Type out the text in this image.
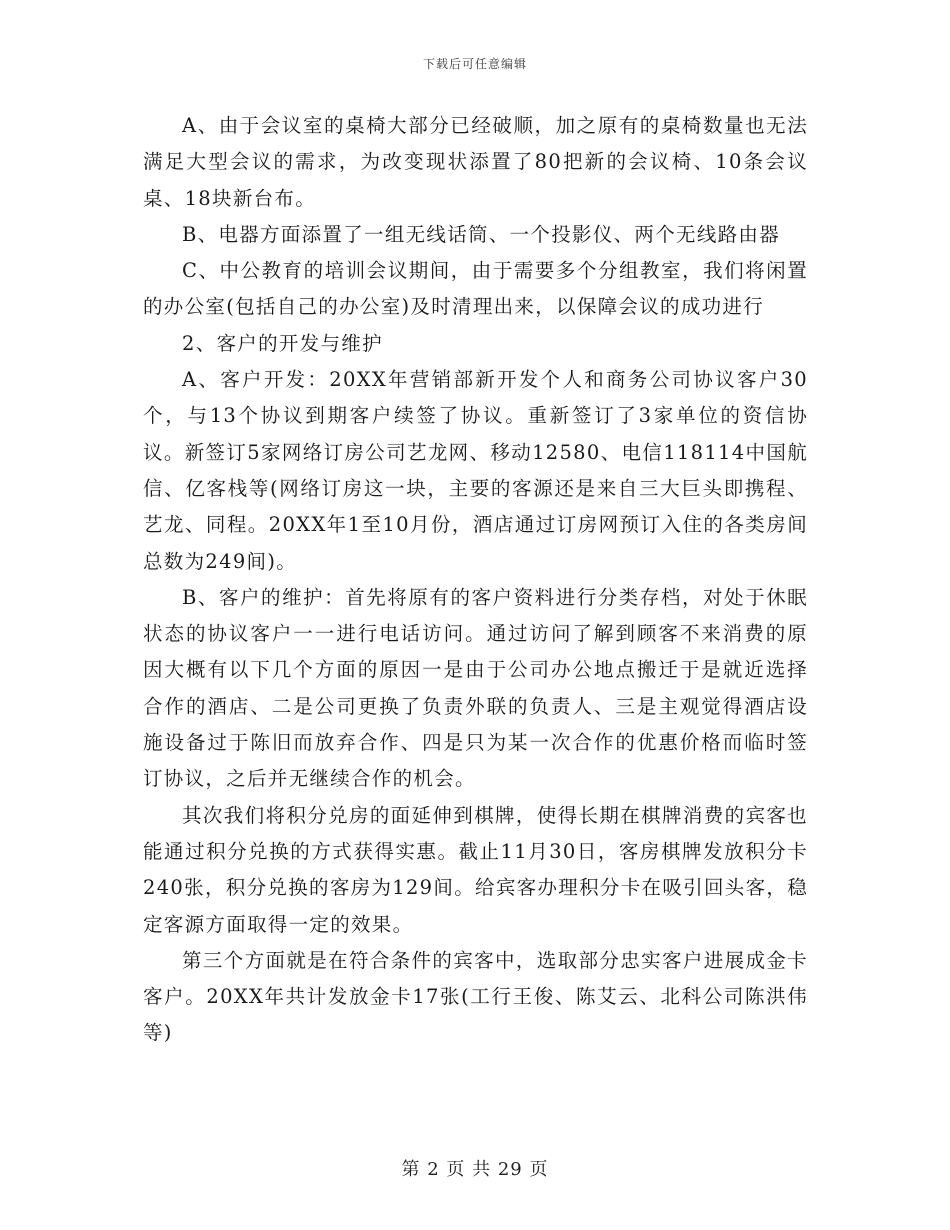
下载后可任意编辑

A、由于会议室的桌椅大部分已经破顺，加之原有的桌椅数量也无法满足大型会议的需求，为改变现状添置了80把新的会议椅、10条会议桌、18块新台布。

B、电器方面添置了一组无线话筒、一个投影仪、两个无线路由器

C、中公教育的培训会议期间，由于需要多个分组教室，我们将闲置的办公室(包括自己的办公室)及时清理出来，以保障会议的成功进行

2、客户的开发与维护

A、客户开发：20XX年营销部新开发个人和商务公司协议客户30个，与13个协议到期客户续签了协议。重新签订了3家单位的资信协议。新签订5家网络订房公司艺龙网、移动12580、电信118114中国航信、亿客栈等(网络订房这一块，主要的客源还是来自三大巨头即携程、艺龙、同程。20XX年1至10月份，酒店通过订房网预订入住的各类房间总数为249间)。

B、客户的维护：首先将原有的客户资料进行分类存档，对处于休眠状态的协议客户一一进行电话访问。通过访问了解到顾客不来消费的原因大概有以下几个方面的原因一是由于公司办公地点搬迁于是就近选择合作的酒店、二是公司更换了负责外联的负责人、三是主观觉得酒店设施设备过于陈旧而放弃合作、四是只为某一次合作的优惠价格而临时签订协议，之后并无继续合作的机会。

其次我们将积分兑房的面延伸到棋牌，使得长期在棋牌消费的宾客也能通过积分兑换的方式获得实惠。截止11月30日，客房棋牌发放积分卡240张，积分兑换的客房为129间。给宾客办理积分卡在吸引回头客，稳定客源方面取得一定的效果。

第三个方面就是在符合条件的宾客中，选取部分忠实客户进展成金卡客户。20XX年共计发放金卡17张(工行王俊、陈艾云、北科公司陈洪伟等)

第 2 页 共 29 页
